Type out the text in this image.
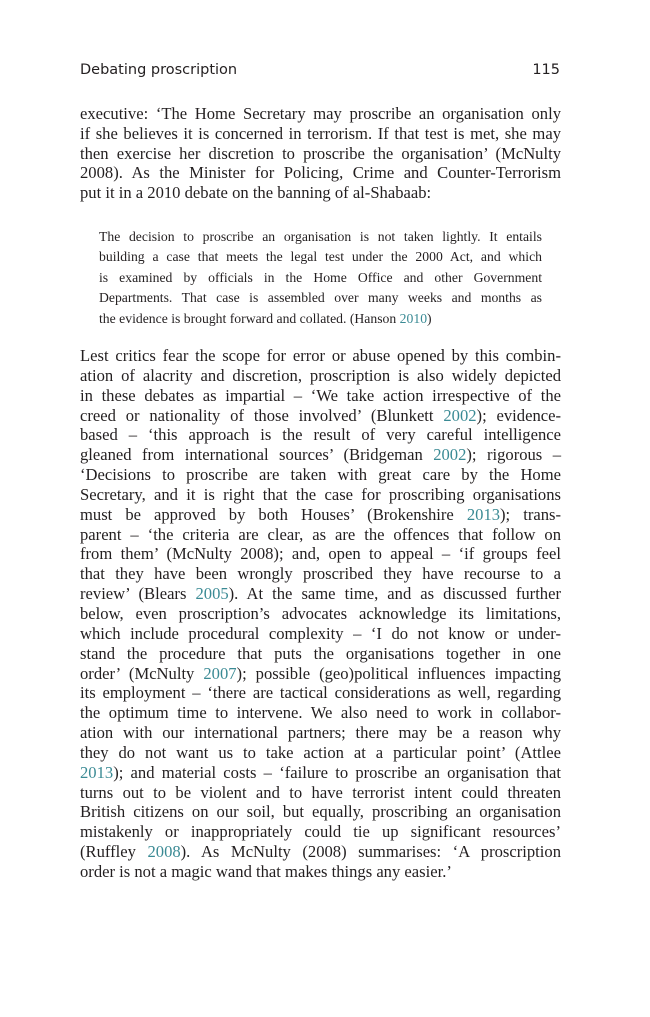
Debating proscription	115
executive: ‘The Home Secretary may proscribe an organisation only
if she believes it is concerned in terrorism. If that test is met, she may
then exercise her discretion to proscribe the organisation’ (McNulty
2008). As the Minister for Policing, Crime and Counter-Terrorism
put it in a 2010 debate on the banning of al-Shabaab:
The decision to proscribe an organisation is not taken lightly. It entails
building a case that meets the legal test under the 2000 Act, and which
is examined by officials in the Home Office and other Government
Departments. That case is assembled over many weeks and months as
the evidence is brought forward and collated. (Hanson 2010)
Lest critics fear the scope for error or abuse opened by this combin-
ation of alacrity and discretion, proscription is also widely depicted
in these debates as impartial – ‘We take action irrespective of the
creed or nationality of those involved’ (Blunkett 2002); evidence-
based – ‘this approach is the result of very careful intelligence
gleaned from international sources’ (Bridgeman 2002); rigorous –
‘Decisions to proscribe are taken with great care by the Home
Secretary, and it is right that the case for proscribing organisations
must be approved by both Houses’ (Brokenshire 2013); trans-
parent – ‘the criteria are clear, as are the offences that follow on
from them’ (McNulty 2008); and, open to appeal – ‘if groups feel
that they have been wrongly proscribed they have recourse to a
review’ (Blears 2005). At the same time, and as discussed further
below, even proscription’s advocates acknowledge its limitations,
which include procedural complexity – ‘I do not know or under-
stand the procedure that puts the organisations together in one
order’ (McNulty 2007); possible (geo)political influences impacting
its employment – ‘there are tactical considerations as well, regarding
the optimum time to intervene. We also need to work in collabor-
ation with our international partners; there may be a reason why
they do not want us to take action at a particular point’ (Attlee
2013); and material costs – ‘failure to proscribe an organisation that
turns out to be violent and to have terrorist intent could threaten
British citizens on our soil, but equally, proscribing an organisation
mistakenly or inappropriately could tie up significant resources’
(Ruffley 2008). As McNulty (2008) summarises: ‘A proscription
order is not a magic wand that makes things any easier.’
